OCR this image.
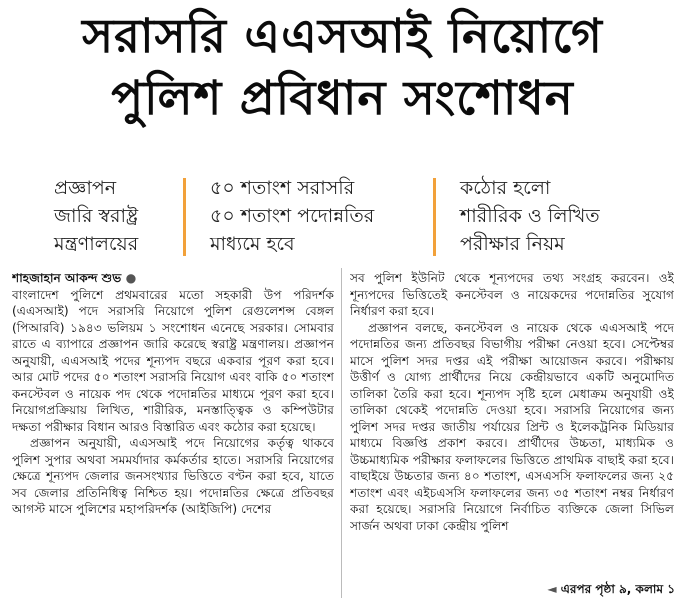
সরাসরি এএসআই নিয়োগে
পুলিশ প্রবিধান সংশোধন
প্রজ্ঞাপন
জারি স্বরাষ্ট্র
মন্ত্রণালয়ের
৫০ শতাংশ সরাসরি
৫০ শতাংশ পদোন্নতির
মাধ্যমে হবে
কঠোর হলো
শারীরিক ও লিখিত
পরীক্ষার নিয়ম

শাহজাহান আকন্দ শুভ ●

বাংলাদেশ পুলিশে প্রথমবারের মতো সহকারী উপ পরিদর্শক (এএসআই) পদে সরাসরি নিয়োগে পুলিশ রেগুলেশন্স বেঙ্গল (পিআরবি) ১৯৪৩ ভলিয়ম ১ সংশোধন এনেছে সরকার। সোমবার রাতে এ ব্যাপারে প্রজ্ঞাপন জারি করেছে স্বরাষ্ট্র মন্ত্রণালয়। প্রজ্ঞাপন অনুযায়ী, এএসআই পদের শূন্যপদ বছরে একবার পূরণ করা হবে। আর মোট পদের ৫০ শতাংশ সরাসরি নিয়োগ এবং বাকি ৫০ শতাংশ কনস্টেবল ও নায়েক পদ থেকে পদোন্নতির মাধ্যমে পূরণ করা হবে। নিয়োগপ্রক্রিয়ায় লিখিত, শারীরিক, মনস্তাত্ত্বিক ও কম্পিউটার দক্ষতা পরীক্ষার বিধান আরও বিস্তারিত এবং কঠোর করা হয়েছে।

প্রজ্ঞাপন অনুযায়ী, এএসআই পদে নিয়োগের কর্তৃত্ব থাকবে পুলিশ সুপার অথবা সমমর্যাদার কর্মকর্তার হাতে। সরাসরি নিয়োগের ক্ষেত্রে শূন্যপদ জেলার জনসংখ্যার ভিত্তিতে বণ্টন করা হবে, যাতে সব জেলার প্রতিনিধিত্ব নিশ্চিত হয়। পদোন্নতির ক্ষেত্রে প্রতিবছর আগস্ট মাসে পুলিশের মহাপরিদর্শক (আইজিপি) দেশের

সব পুলিশ ইউনিট থেকে শূন্যপদের তথ্য সংগ্রহ করবেন। ওই শূন্যপদের ভিত্তিতেই কনস্টেবল ও নায়েকদের পদোন্নতির সুযোগ নির্ধারণ করা হবে।

প্রজ্ঞাপন বলছে, কনস্টেবল ও নায়েক থেকে এএসআই পদে পদোন্নতির জন্য প্রতিবছর বিভাগীয় পরীক্ষা নেওয়া হবে। সেপ্টেম্বর মাসে পুলিশ সদর দপ্তর এই পরীক্ষা আয়োজন করবে। পরীক্ষায় উত্তীর্ণ ও যোগ্য প্রার্থীদের নিয়ে কেন্দ্রীয়ভাবে একটি অনুমোদিত তালিকা তৈরি করা হবে। শূন্যপদ সৃষ্টি হলে মেধাক্রম অনুযায়ী ওই তালিকা থেকেই পদোন্নতি দেওয়া হবে। সরাসরি নিয়োগের জন্য পুলিশ সদর দপ্তর জাতীয় পর্যায়ের প্রিন্ট ও ইলেকট্রনিক মিডিয়ার মাধ্যমে বিজ্ঞপ্তি প্রকাশ করবে। প্রার্থীদের উচ্চতা, মাধ্যমিক ও উচ্চমাধ্যমিক পরীক্ষার ফলাফলের ভিত্তিতে প্রাথমিক বাছাই করা হবে। বাছাইয়ে উচ্চতার জন্য ৪০ শতাংশ, এসএসসি ফলাফলের জন্য ২৫ শতাংশ এবং এইচএসসি ফলাফলের জন্য ৩৫ শতাংশ নম্বর নির্ধারণ করা হয়েছে। সরাসরি নিয়োগে নির্বাচিত ব্যক্তিকে জেলা সিভিল সার্জন অথবা ঢাকা কেন্দ্রীয় পুলিশ

◄ এরপর পৃষ্ঠা ৯, কলাম ১
